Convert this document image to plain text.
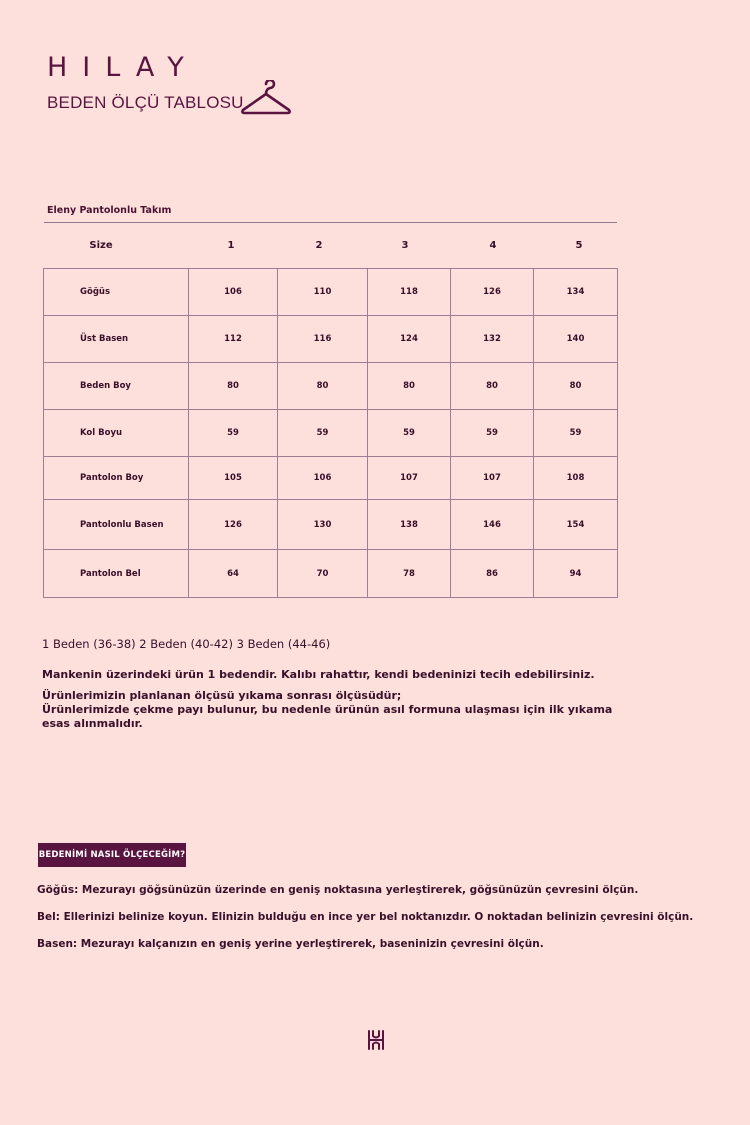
HILAY
BEDEN ÖLÇÜ TABLOSU
Eleny Pantolonlu Takım
Size	1	2	3	4	5
Göğüs	106	110	118	126	134
Üst Basen	112	116	124	132	140
Beden Boy	80	80	80	80	80
Kol Boyu	59	59	59	59	59
Pantolon Boy	105	106	107	107	108
Pantolonlu Basen	126	130	138	146	154
Pantolon Bel	64	70	78	86	94
1 Beden (36-38) 2 Beden (40-42) 3 Beden (44-46)
Mankenin üzerindeki ürün 1 bedendir. Kalıbı rahattır, kendi bedeninizi tecih edebilirsiniz.
Ürünlerimizin planlanan ölçüsü yıkama sonrası ölçüsüdür;
Ürünlerimizde çekme payı bulunur, bu nedenle ürünün asıl formuna ulaşması için ilk yıkama
esas alınmalıdır.
BEDENİMİ NASIL ÖLÇECEĞİM?
Göğüs: Mezurayı göğsünüzün üzerinde en geniş noktasına yerleştirerek, göğsünüzün çevresini ölçün.
Bel: Ellerinizi belinize koyun. Elinizin bulduğu en ince yer bel noktanızdır. O noktadan belinizin çevresini ölçün.
Basen: Mezurayı kalçanızın en geniş yerine yerleştirerek, baseninizin çevresini ölçün.
